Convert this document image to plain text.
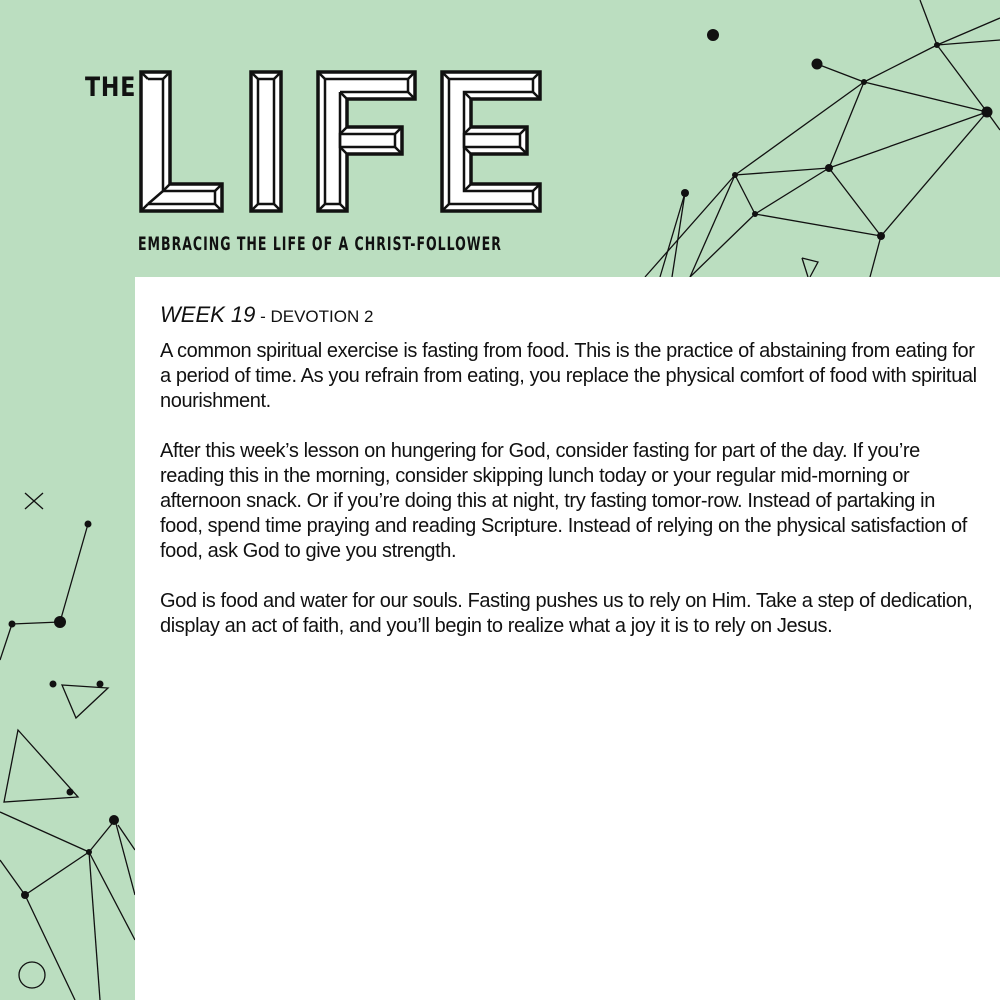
THE
EMBRACING THE LIFE OF A CHRIST-FOLLOWER
WEEK 19 - DEVOTION 2

A common spiritual exercise is fasting from food. This is the practice of abstaining from eating for a period of time. As you refrain from eating, you replace the physical comfort of food with spiritual nourishment.

After this week’s lesson on hungering for God, consider fasting for part of the day. If you’re reading this in the morning, consider skipping lunch today or your regular mid-morning or afternoon snack. Or if you’re doing this at night, try fasting tomor-row. Instead of partaking in food, spend time praying and reading Scripture. Instead of relying on the physical satisfaction of food, ask God to give you strength.

God is food and water for our souls. Fasting pushes us to rely on Him. Take a step of dedication, display an act of faith, and you’ll begin to realize what a joy it is to rely on Jesus.
